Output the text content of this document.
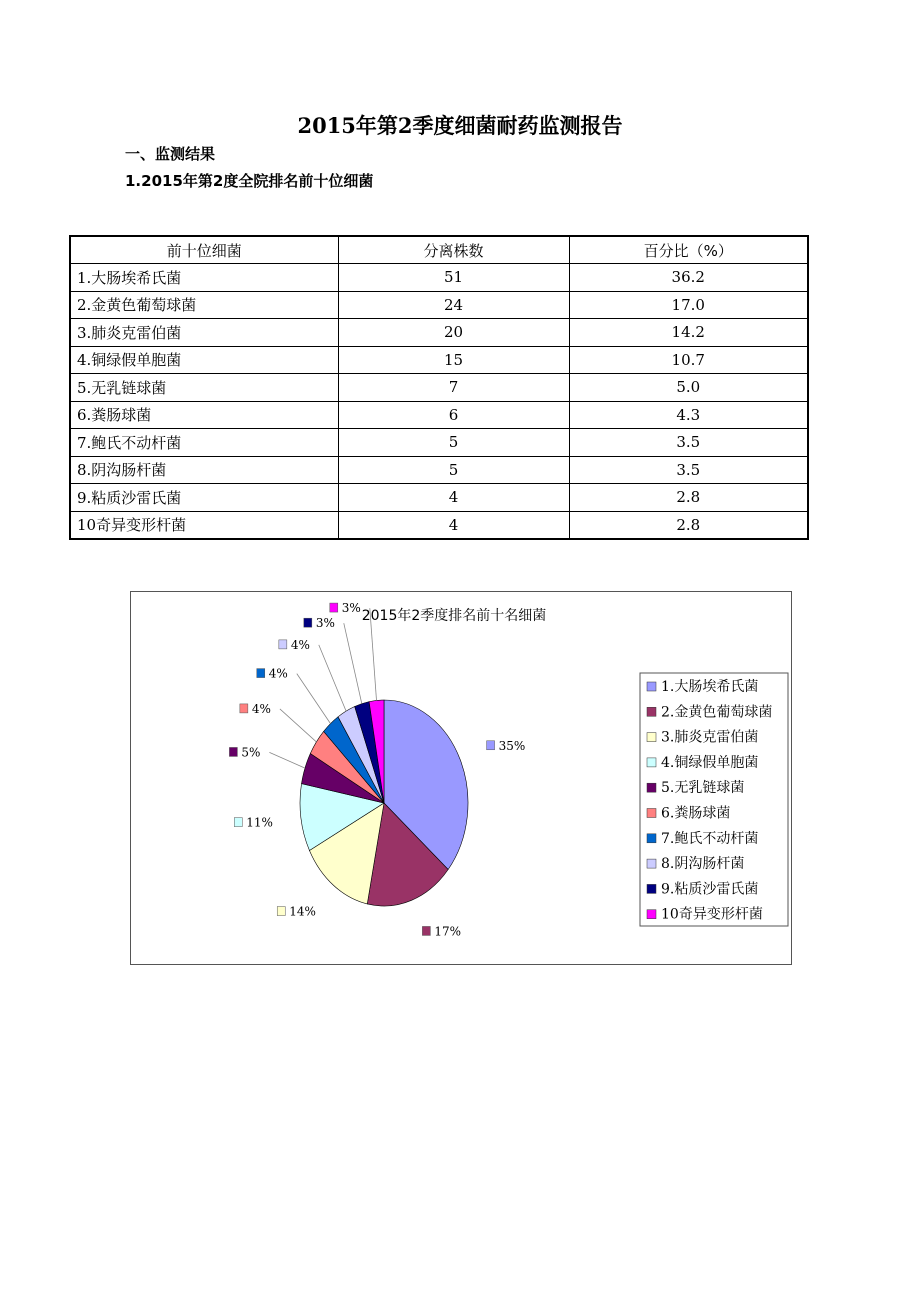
2015年第2季度细菌耐药监测报告
一、监测结果
1.2015年第2度全院排名前十位细菌
前十位细菌	分离株数	百分比（%）
1.大肠埃希氏菌	51	36.2
2.金黄色葡萄球菌	24	17.0
3.肺炎克雷伯菌	20	14.2
4.铜绿假单胞菌	15	10.7
5.无乳链球菌	7	5.0
6.粪肠球菌	6	4.3
7.鲍氏不动杆菌	5	3.5
8.阴沟肠杆菌	5	3.5
9.粘质沙雷氏菌	4	2.8
10奇异变形杆菌	4	2.8
2015年2季度排名前十名细菌
35%
17%
14%
11%
5%
4%
4%
4%
3%
3%
1.大肠埃希氏菌
2.金黄色葡萄球菌
3.肺炎克雷伯菌
4.铜绿假单胞菌
5.无乳链球菌
6.粪肠球菌
7.鲍氏不动杆菌
8.阴沟肠杆菌
9.粘质沙雷氏菌
10奇异变形杆菌
